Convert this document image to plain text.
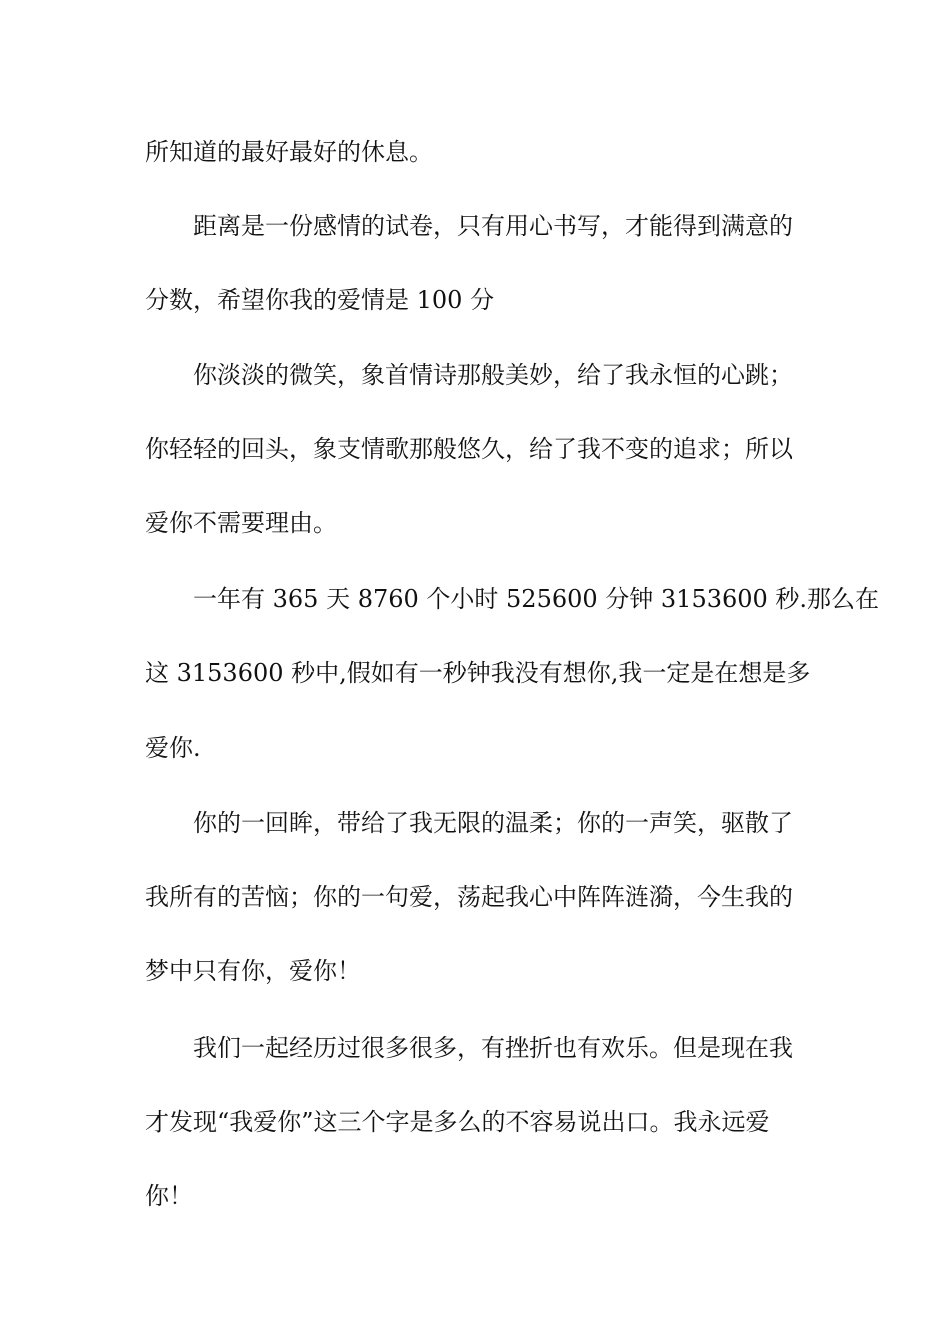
所知道的最好最好的休息。

　　距离是一份感情的试卷，只有用心书写，才能得到满意的

分数，希望你我的爱情是 100 分

　　你淡淡的微笑，象首情诗那般美妙，给了我永恒的心跳；

你轻轻的回头，象支情歌那般悠久，给了我不变的追求；所以

爱你不需要理由。

　　一年有 365 天 8760 个小时 525600 分钟 3153600 秒.那么在

这 3153600 秒中,假如有一秒钟我没有想你,我一定是在想是多

爱你.

　　你的一回眸，带给了我无限的温柔；你的一声笑，驱散了

我所有的苦恼；你的一句爱，荡起我心中阵阵涟漪，今生我的

梦中只有你，爱你！

　　我们一起经历过很多很多，有挫折也有欢乐。但是现在我

才发现“我爱你”这三个字是多么的不容易说出口。我永远爱

你！
